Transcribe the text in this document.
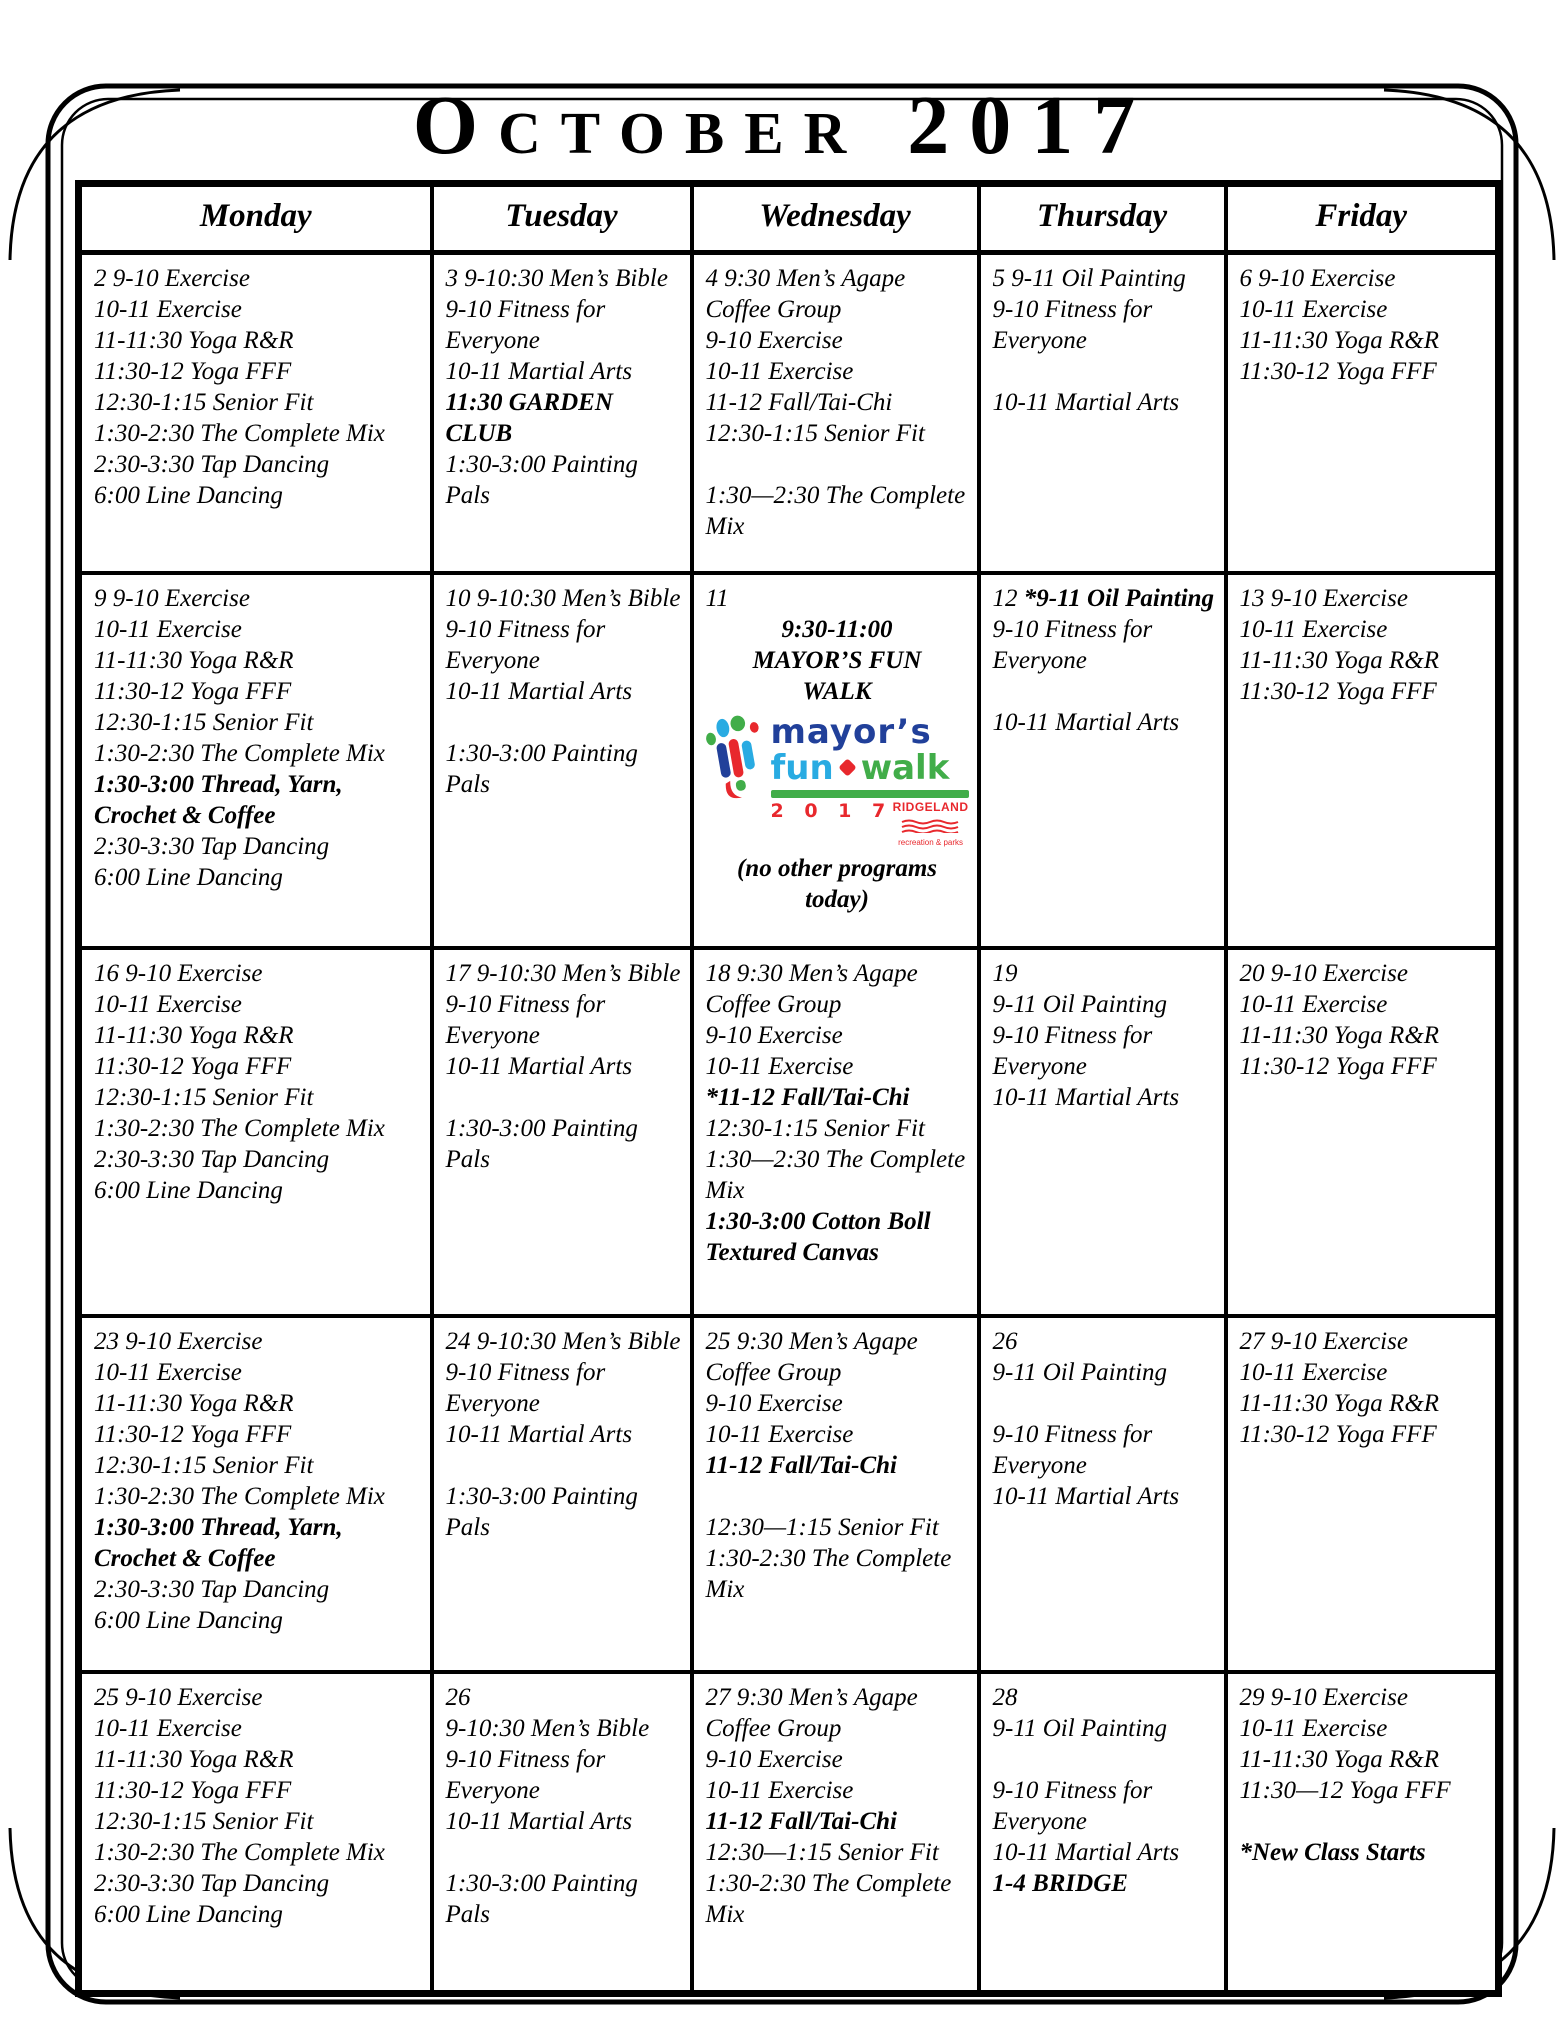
October 2017
Monday	Tuesday	Wednesday	Thursday	Friday

2 9-10 Exercise
10-11 Exercise
11-11:30 Yoga R&R
11:30-12 Yoga FFF
12:30-1:15 Senior Fit
1:30-2:30 The Complete Mix
2:30-3:30 Tap Dancing
6:00 Line Dancing

3 9-10:30 Men’s Bible
9-10 Fitness for Everyone
10-11 Martial Arts
11:30 GARDEN CLUB
1:30-3:00 Painting Pals

4 9:30 Men’s Agape Coffee Group
9-10 Exercise
10-11 Exercise
11-12 Fall/Tai-Chi
12:30-1:15 Senior Fit

1:30—2:30 The Complete Mix

5 9-11 Oil Painting
9-10 Fitness for Everyone

10-11 Martial Arts

6 9-10 Exercise
10-11 Exercise
11-11:30 Yoga R&R
11:30-12 Yoga FFF

9 9-10 Exercise
10-11 Exercise
11-11:30 Yoga R&R
11:30-12 Yoga FFF
12:30-1:15 Senior Fit
1:30-2:30 The Complete Mix
1:30-3:00 Thread, Yarn, Crochet & Coffee
2:30-3:30 Tap Dancing
6:00 Line Dancing

10 9-10:30 Men’s Bible
9-10 Fitness for Everyone
10-11 Martial Arts

1:30-3:00 Painting Pals

11
9:30-11:00
MAYOR’S FUN
WALK
mayor’s
fun walk
2 0 1 7 RIDGELAND
recreation & parks
(no other programs today)

12 *9-11 Oil Painting
9-10 Fitness for Everyone

10-11 Martial Arts

13 9-10 Exercise
10-11 Exercise
11-11:30 Yoga R&R
11:30-12 Yoga FFF

16 9-10 Exercise
10-11 Exercise
11-11:30 Yoga R&R
11:30-12 Yoga FFF
12:30-1:15 Senior Fit
1:30-2:30 The Complete Mix
2:30-3:30 Tap Dancing
6:00 Line Dancing

17 9-10:30 Men’s Bible
9-10 Fitness for Everyone
10-11 Martial Arts

1:30-3:00 Painting Pals

18 9:30 Men’s Agape Coffee Group
9-10 Exercise
10-11 Exercise
*11-12 Fall/Tai-Chi
12:30-1:15 Senior Fit
1:30—2:30 The Complete Mix
1:30-3:00 Cotton Boll Textured Canvas

19
9-11 Oil Painting
9-10 Fitness for Everyone
10-11 Martial Arts

20 9-10 Exercise
10-11 Exercise
11-11:30 Yoga R&R
11:30-12 Yoga FFF

23 9-10 Exercise
10-11 Exercise
11-11:30 Yoga R&R
11:30-12 Yoga FFF
12:30-1:15 Senior Fit
1:30-2:30 The Complete Mix 1:30-3:00 Thread, Yarn, Crochet & Coffee
2:30-3:30 Tap Dancing
6:00 Line Dancing

24 9-10:30 Men’s Bible
9-10 Fitness for Everyone
10-11 Martial Arts

1:30-3:00 Painting Pals

25 9:30 Men’s Agape Coffee Group
9-10 Exercise
10-11 Exercise
11-12 Fall/Tai-Chi

12:30—1:15 Senior Fit
1:30-2:30 The Complete Mix

26
9-11 Oil Painting

9-10 Fitness for Everyone
10-11 Martial Arts

27 9-10 Exercise
10-11 Exercise
11-11:30 Yoga R&R
11:30-12 Yoga FFF

25 9-10 Exercise
10-11 Exercise
11-11:30 Yoga R&R
11:30-12 Yoga FFF
12:30-1:15 Senior Fit
1:30-2:30 The Complete Mix
2:30-3:30 Tap Dancing
6:00 Line Dancing

26
9-10:30 Men’s Bible
9-10 Fitness for Everyone
10-11 Martial Arts

1:30-3:00 Painting Pals

27 9:30 Men’s Agape Coffee Group
9-10 Exercise
10-11 Exercise
11-12 Fall/Tai-Chi
12:30—1:15 Senior Fit
1:30-2:30 The Complete Mix

28
9-11 Oil Painting

9-10 Fitness for Everyone
10-11 Martial Arts
1-4 BRIDGE

29 9-10 Exercise
10-11 Exercise
11-11:30 Yoga R&R
11:30—12 Yoga FFF

*New Class Starts
